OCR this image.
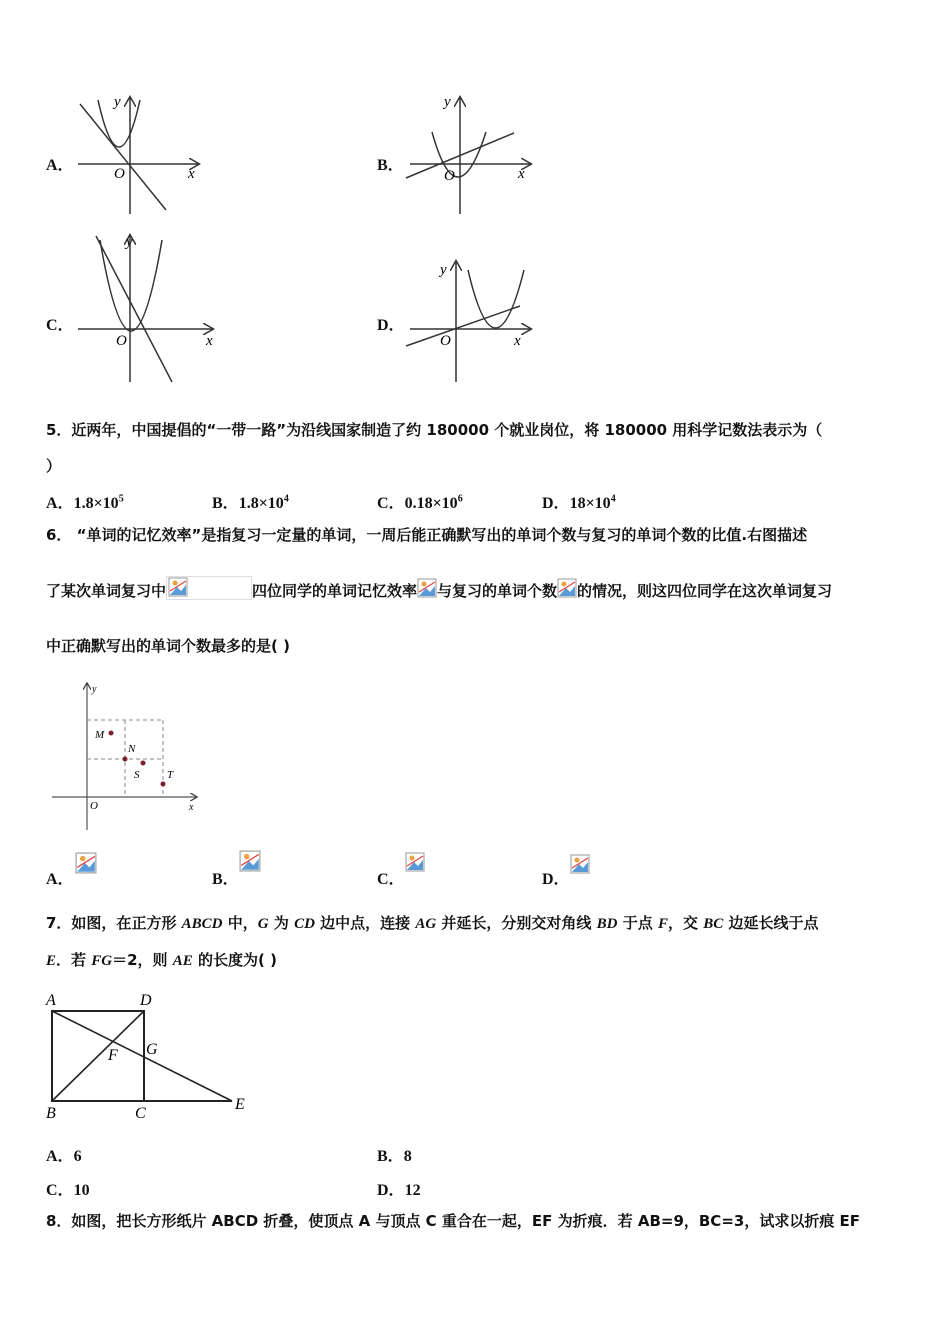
A．
y
O	x	B．
y
O	x
C．
y
O	x
D．
y
O	x
5．近两年，中国提倡的“一带一路”为沿线国家制造了约 180000 个就业岗位，将 180000 用科学记数法表示为（
）
A．$1.8\times 10^5$	B．$1.8\times 10^4$	C．$0.18\times 10^6$	D．$18\times 10^4$
6． “单词的记忆效率”是指复习一定量的单词，一周后能正确默写出的单词个数与复习的单词个数的比值.右图描述
了某次单词复习中	四位同学的单词记忆效率 与复习的单词个数 的情况，则这四位同学在这次单词复习
中正确默写出的单词个数最多的是( )
M
N
S	T
O	x
y
A．	B．	C．	D．
7．如图，在正方形 ABCD 中，G 为 CD 边中点，连接 AG 并延长，分别交对角线 BD 于点 F，交 BC 边延长线于点
E．若 FG＝2，则 AE 的长度为( )
A	D
F G
B	C
E
A．6	B．8
C．10	D．12
8．如图，把长方形纸片 ABCD 折叠，使顶点 A 与顶点 C 重合在一起，EF 为折痕．若 AB=9，BC=3，试求以折痕 EF
